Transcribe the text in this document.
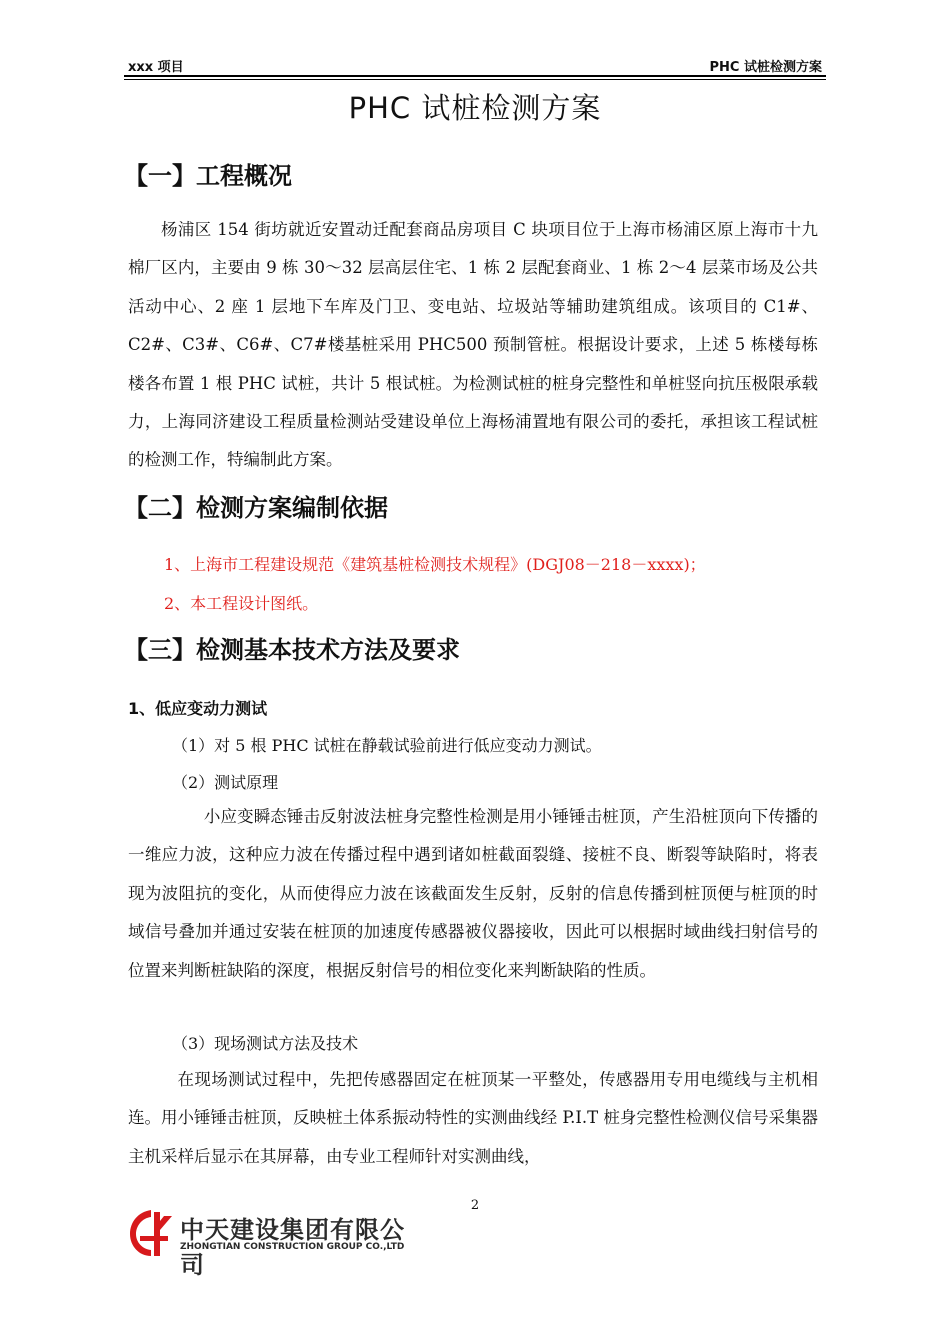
xxx 项目	PHC 试桩检测方案
PHC 试桩检测方案
【一】工程概况

杨浦区 154 街坊就近安置动迁配套商品房项目 C 块项目位于上海市杨浦区原上海市十九棉厂区内，主要由 9 栋 30～32 层高层住宅、1 栋 2 层配套商业、1 栋 2～4 层菜市场及公共活动中心、2 座 1 层地下车库及门卫、变电站、垃圾站等辅助建筑组成。该项目的 C1#、C2#、C3#、C6#、C7#楼基桩采用 PHC500 预制管桩。根据设计要求，上述 5 栋楼每栋楼各布置 1 根 PHC 试桩，共计 5 根试桩。为检测试桩的桩身完整性和单桩竖向抗压极限承载力，上海同济建设工程质量检测站受建设单位上海杨浦置地有限公司的委托，承担该工程试桩的检测工作，特编制此方案。

【二】检测方案编制依据
1、上海市工程建设规范《建筑基桩检测技术规程》(DGJ08－218－xxxx)；
2、本工程设计图纸。
【三】检测基本技术方法及要求
1、低应变动力测试
（1）对 5 根 PHC 试桩在静载试验前进行低应变动力测试。
（2）测试原理

小应变瞬态锤击反射波法桩身完整性检测是用小锤锤击桩顶，产生沿桩顶向下传播的一维应力波，这种应力波在传播过程中遇到诸如桩截面裂缝、接桩不良、断裂等缺陷时，将表现为波阻抗的变化，从而使得应力波在该截面发生反射，反射的信息传播到桩顶便与桩顶的时域信号叠加并通过安装在桩顶的加速度传感器被仪器接收，因此可以根据时域曲线扫射信号的位置来判断桩缺陷的深度，根据反射信号的相位变化来判断缺陷的性质。

（3）现场测试方法及技术

在现场测试过程中，先把传感器固定在桩顶某一平整处，传感器用专用电缆线与主机相连。用小锤锤击桩顶，反映桩土体系振动特性的实测曲线经 P.I.T 桩身完整性检测仪信号采集器主机采样后显示在其屏幕，由专业工程师针对实测曲线，

2
中天建设集团有限公司
ZHONGTIAN CONSTRUCTION GROUP CO.,LTD
